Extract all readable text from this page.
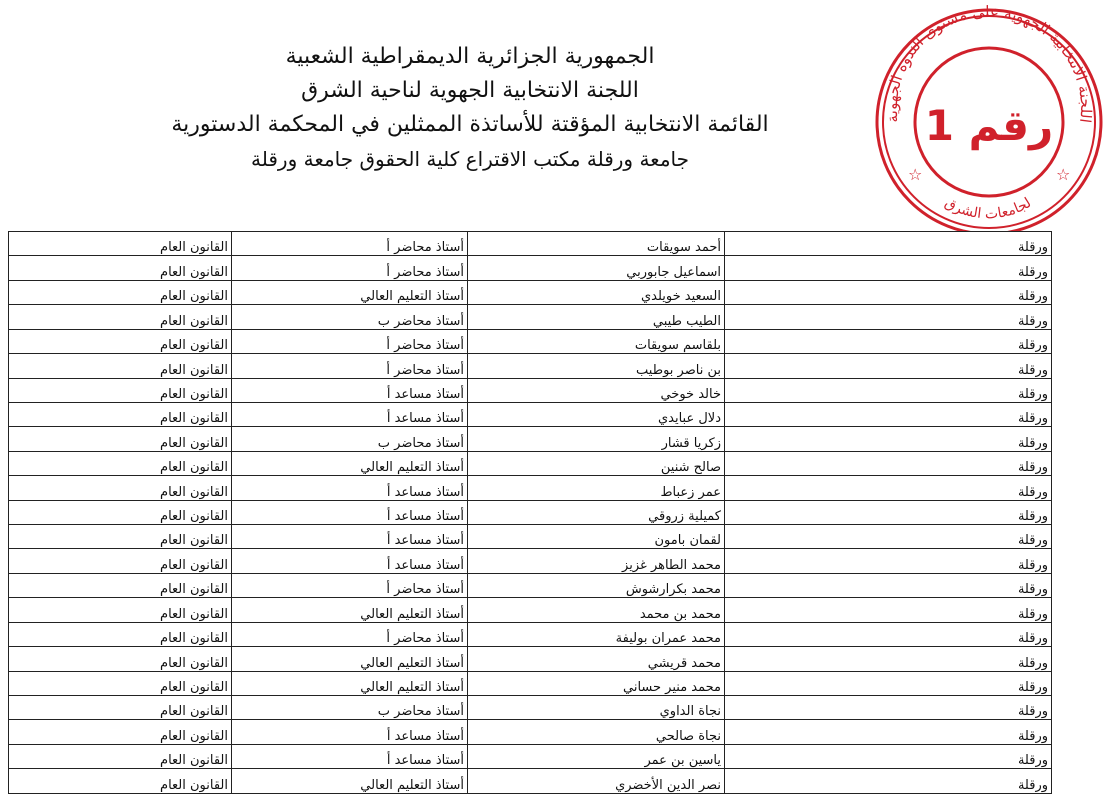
الجمهورية الجزائرية الديمقراطية الشعبية
اللجنة الانتخابية الجهوية لناحية الشرق
القائمة الانتخابية المؤقتة للأساتذة الممثلين في المحكمة الدستورية
جامعة ورقلة مكتب الاقتراع كلية الحقوق جامعة ورقلة
اللجنة الانتخابية الجهوية على مستوى الندوة الجهوية
لجامعات الشرق
☆	☆
رقم 1
ورقلة	أحمد سويقات	أستاذ محاضر أ	القانون العام
ورقلة	اسماعيل جابوربي	أستاذ محاضر أ	القانون العام
ورقلة	السعيد خويلدي	أستاذ التعليم العالي	القانون العام
ورقلة	الطيب طيبي	أستاذ محاضر ب	القانون العام
ورقلة	بلقاسم سويقات	أستاذ محاضر أ	القانون العام
ورقلة	بن ناصر بوطيب	أستاذ محاضر أ	القانون العام
ورقلة	خالد خوخي	أستاذ مساعد أ	القانون العام
ورقلة	دلال عبايدي	أستاذ مساعد أ	القانون العام
ورقلة	زكريا قشار	أستاذ محاضر ب	القانون العام
ورقلة	صالح شنين	أستاذ التعليم العالي	القانون العام
ورقلة	عمر زعباط	أستاذ مساعد أ	القانون العام
ورقلة	كميلية زروقي	أستاذ مساعد أ	القانون العام
ورقلة	لقمان بامون	أستاذ مساعد أ	القانون العام
ورقلة	محمد الطاهر غزيز	أستاذ مساعد أ	القانون العام
ورقلة	محمد بكرارشوش	أستاذ محاضر أ	القانون العام
ورقلة	محمد بن محمد	أستاذ التعليم العالي	القانون العام
ورقلة	محمد عمران بوليفة	أستاذ محاضر أ	القانون العام
ورقلة	محمد قريشي	أستاذ التعليم العالي	القانون العام
ورقلة	محمد منير حساني	أستاذ التعليم العالي	القانون العام
ورقلة	نجاة الداوي	أستاذ محاضر ب	القانون العام
ورقلة	نجاة صالحي	أستاذ مساعد أ	القانون العام
ورقلة	ياسين بن عمر	أستاذ مساعد أ	القانون العام
ورقلة	نصر الدين الأخضري	أستاذ التعليم العالي	القانون العام
